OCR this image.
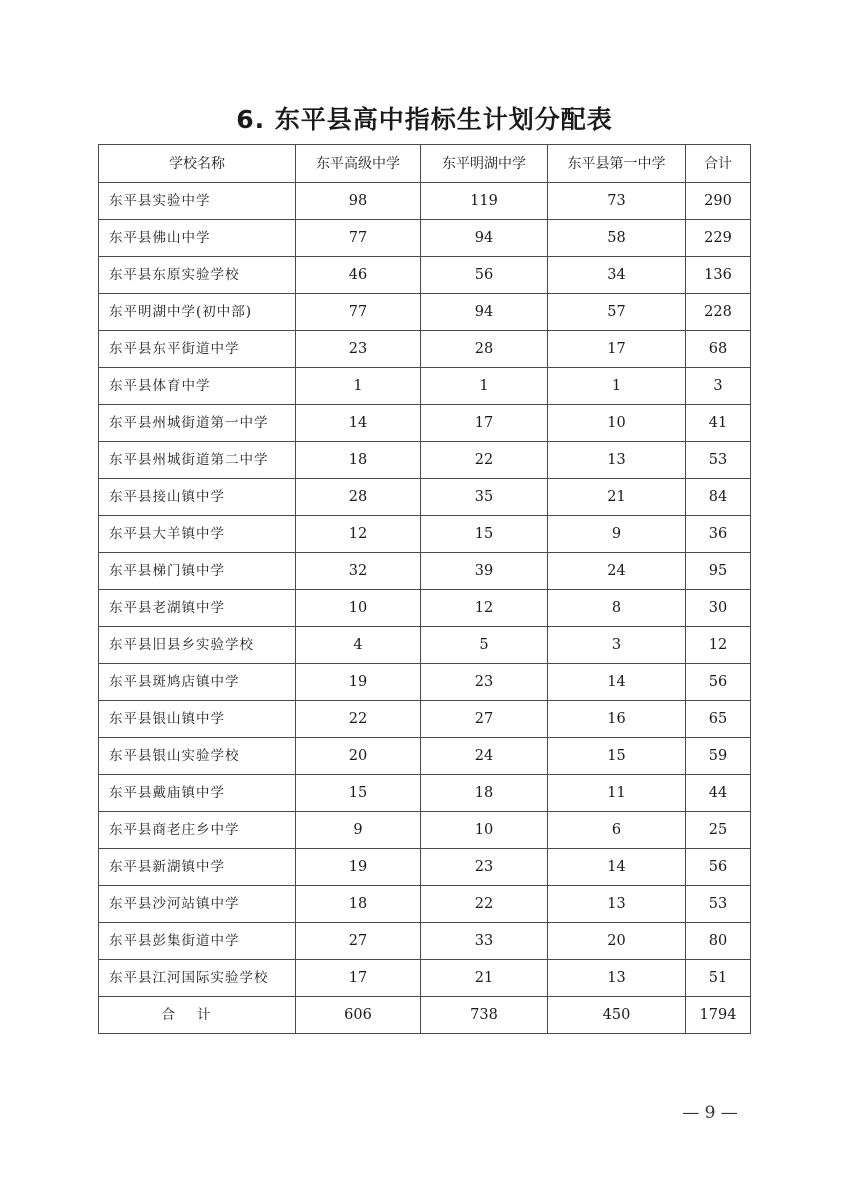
6. 东平县高中指标生计划分配表
学校名称	东平高级中学	东平明湖中学	东平县第一中学	合计
东平县实验中学	98	119	73	290
东平县佛山中学	77	94	58	229
东平县东原实验学校	46	56	34	136
东平明湖中学(初中部)	77	94	57	228
东平县东平街道中学	23	28	17	68
东平县体育中学	1	1	1	3
东平县州城街道第一中学	14	17	10	41
东平县州城街道第二中学	18	22	13	53
东平县接山镇中学	28	35	21	84
东平县大羊镇中学	12	15	9	36
东平县梯门镇中学	32	39	24	95
东平县老湖镇中学	10	12	8	30
东平县旧县乡实验学校	4	5	3	12
东平县斑鸠店镇中学	19	23	14	56
东平县银山镇中学	22	27	16	65
东平县银山实验学校	20	24	15	59
东平县戴庙镇中学	15	18	11	44
东平县商老庄乡中学	9	10	6	25
东平县新湖镇中学	19	23	14	56
东平县沙河站镇中学	18	22	13	53
东平县彭集街道中学	27	33	20	80
东平县江河国际实验学校	17	21	13	51
合计	606	738	450	1794
— 9 —
